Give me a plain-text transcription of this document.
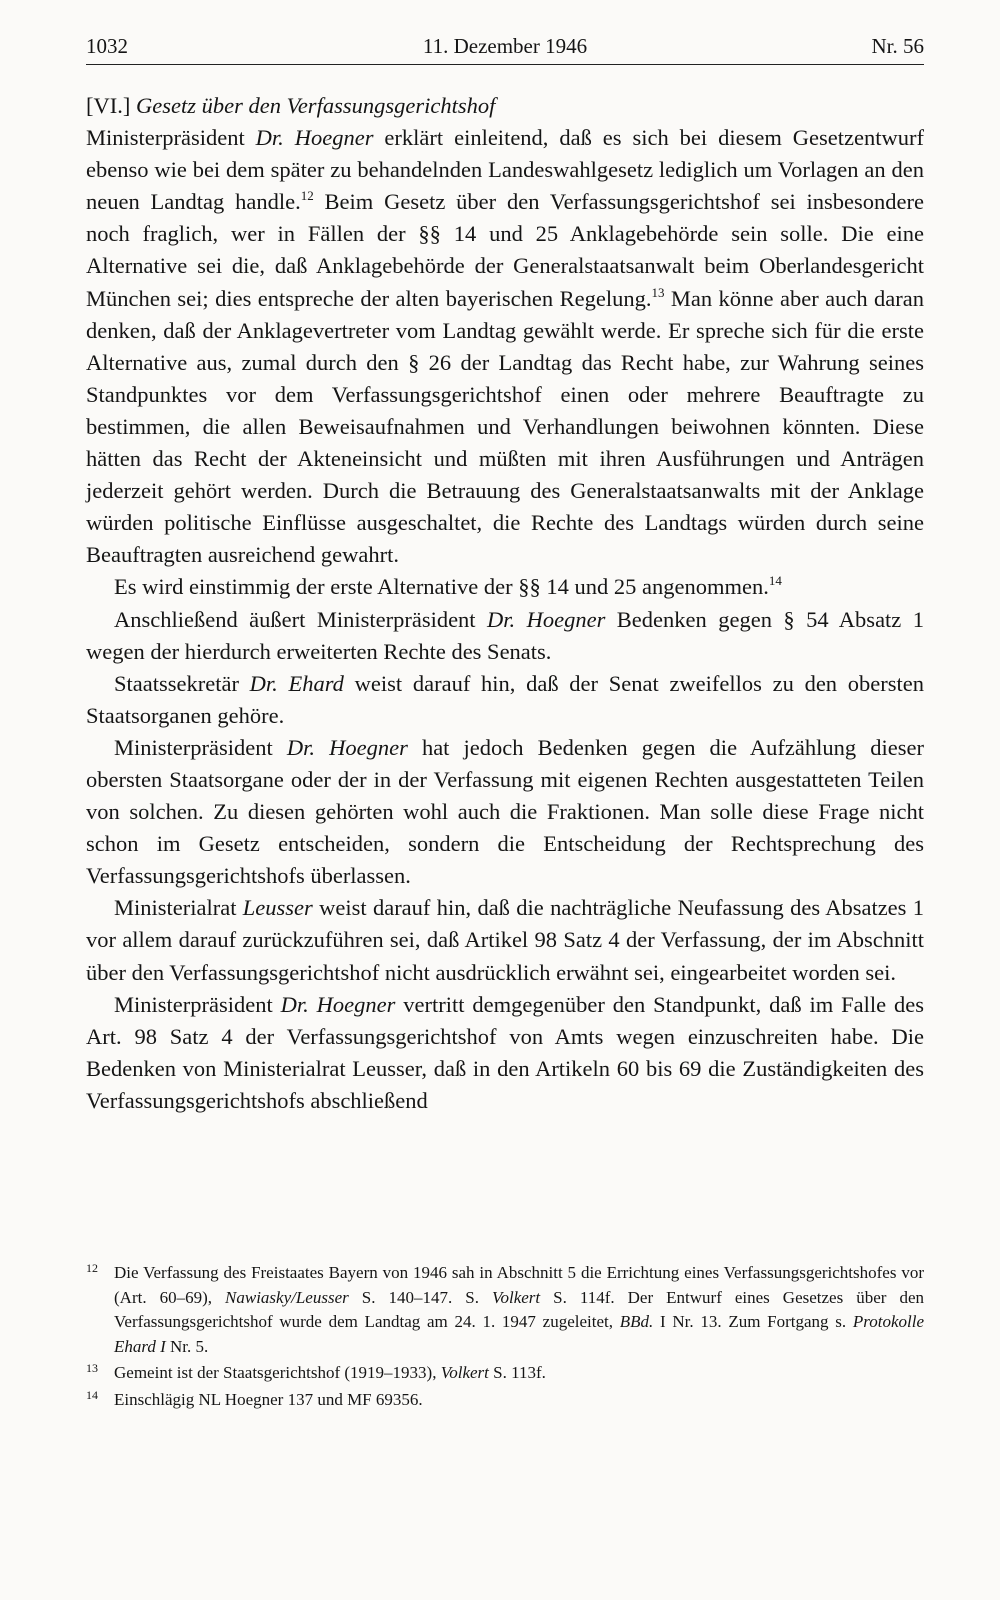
1032	11. Dezember 1946	Nr. 56

[VI.] Gesetz über den Verfassungsgerichtshof

Ministerpräsident Dr. Hoegner erklärt einleitend, daß es sich bei diesem Gesetzentwurf ebenso wie bei dem später zu behandelnden Landeswahlgesetz lediglich um Vorlagen an den neuen Landtag handle.$^{12}$ Beim Gesetz über den Verfassungsgerichtshof sei insbesondere noch fraglich, wer in Fällen der §§ 14 und 25 Anklagebehörde sein solle. Die eine Alternative sei die, daß Anklagebehörde der Generalstaatsanwalt beim Oberlandesgericht München sei; dies entspreche der alten bayerischen Regelung.$^{13}$ Man könne aber auch daran denken, daß der Anklagevertreter vom Landtag gewählt werde. Er spreche sich für die erste Alternative aus, zumal durch den § 26 der Landtag das Recht habe, zur Wahrung seines Standpunktes vor dem Verfassungsgerichtshof einen oder mehrere Beauftragte zu bestimmen, die allen Beweisaufnahmen und Verhandlungen beiwohnen könnten. Diese hätten das Recht der Akteneinsicht und müßten mit ihren Ausführungen und Anträgen jederzeit gehört werden. Durch die Betrauung des Generalstaatsanwalts mit der Anklage würden politische Einflüsse ausgeschaltet, die Rechte des Landtags würden durch seine Beauftragten ausreichend gewahrt.

Es wird einstimmig der erste Alternative der §§ 14 und 25 angenommen.$^{14}$

Anschließend äußert Ministerpräsident Dr. Hoegner Bedenken gegen § 54 Absatz 1 wegen der hierdurch erweiterten Rechte des Senats.

Staatssekretär Dr. Ehard weist darauf hin, daß der Senat zweifellos zu den obersten Staatsorganen gehöre.

Ministerpräsident Dr. Hoegner hat jedoch Bedenken gegen die Aufzählung dieser obersten Staatsorgane oder der in der Verfassung mit eigenen Rechten ausgestatteten Teilen von solchen. Zu diesen gehörten wohl auch die Fraktionen. Man solle diese Frage nicht schon im Gesetz entscheiden, sondern die Entscheidung der Rechtsprechung des Verfassungsgerichtshofs überlassen.

Ministerialrat Leusser weist darauf hin, daß die nachträgliche Neufassung des Absatzes 1 vor allem darauf zurückzuführen sei, daß Artikel 98 Satz 4 der Verfassung, der im Abschnitt über den Verfassungsgerichtshof nicht ausdrücklich erwähnt sei, eingearbeitet worden sei.

Ministerpräsident Dr. Hoegner vertritt demgegenüber den Standpunkt, daß im Falle des Art. 98 Satz 4 der Verfassungsgerichtshof von Amts wegen einzuschreiten habe. Die Bedenken von Ministerialrat Leusser, daß in den Artikeln 60 bis 69 die Zuständigkeiten des Verfassungsgerichtshofs abschließend

$^{12}$ Die Verfassung des Freistaates Bayern von 1946 sah in Abschnitt 5 die Errichtung eines Verfassungsgerichtshofes vor (Art. 60–69), Nawiasky/Leusser S. 140–147. S. Volkert S. 114f. Der Entwurf eines Gesetzes über den Verfassungsgerichtshof wurde dem Landtag am 24. 1. 1947 zugeleitet, BBd. I Nr. 13. Zum Fortgang s. Protokolle Ehard I Nr. 5.
$^{13}$ Gemeint ist der Staatsgerichtshof (1919–1933), Volkert S. 113f.
$^{14}$ Einschlägig NL Hoegner 137 und MF 69356.
